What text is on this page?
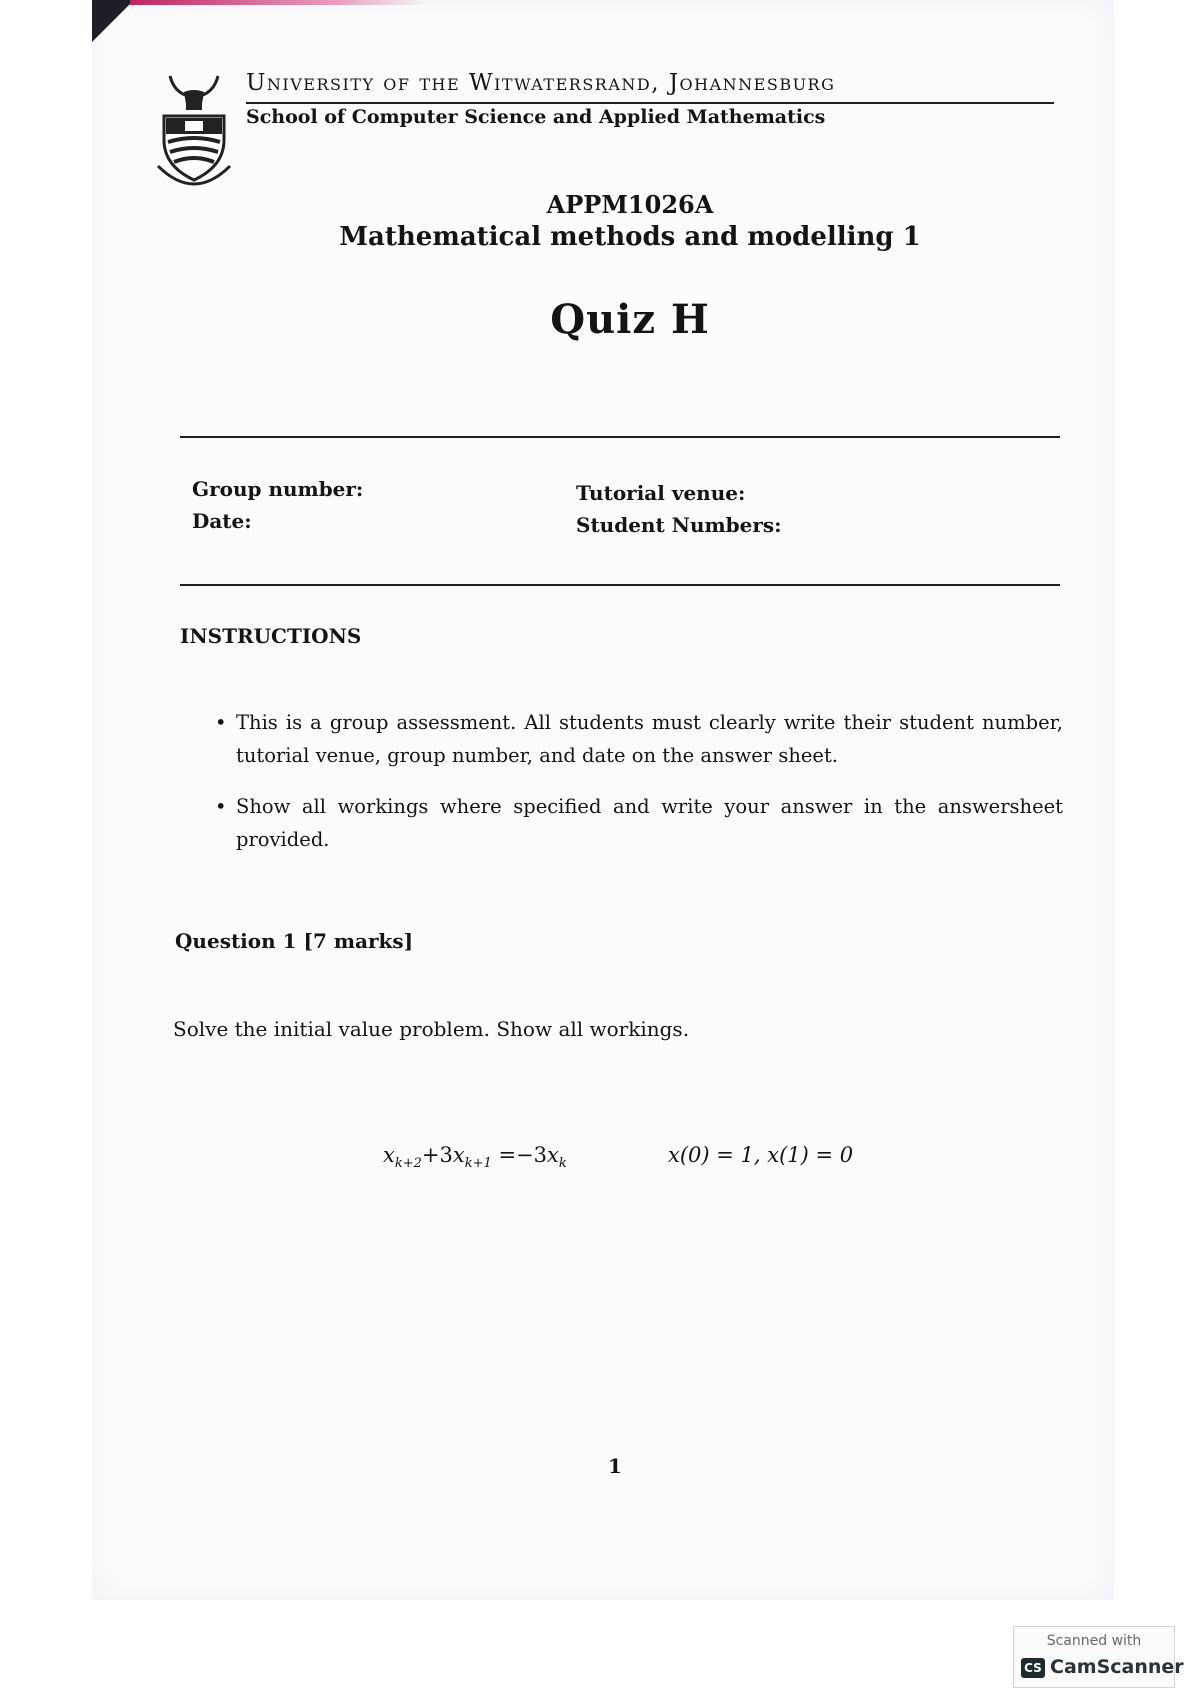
University of the Witwatersrand, Johannesburg
School of Computer Science and Applied Mathematics
APPM1026A
Mathematical methods and modelling 1
Quiz H
Group number:
Date:
Tutorial venue:
Student Numbers:
INSTRUCTIONS
• This is a group assessment. All students must clearly write their student number, tutorial venue, group number, and date on the answer sheet.
• Show all workings where specified and write your answer in the answersheet provided.
Question 1 [7 marks]
Solve the initial value problem. Show all workings.
$x_{k+2}+3x_{k+1} =-3x_k$	x(0) = 1, x(1) = 0
1
Scanned with
CS CamScanner
